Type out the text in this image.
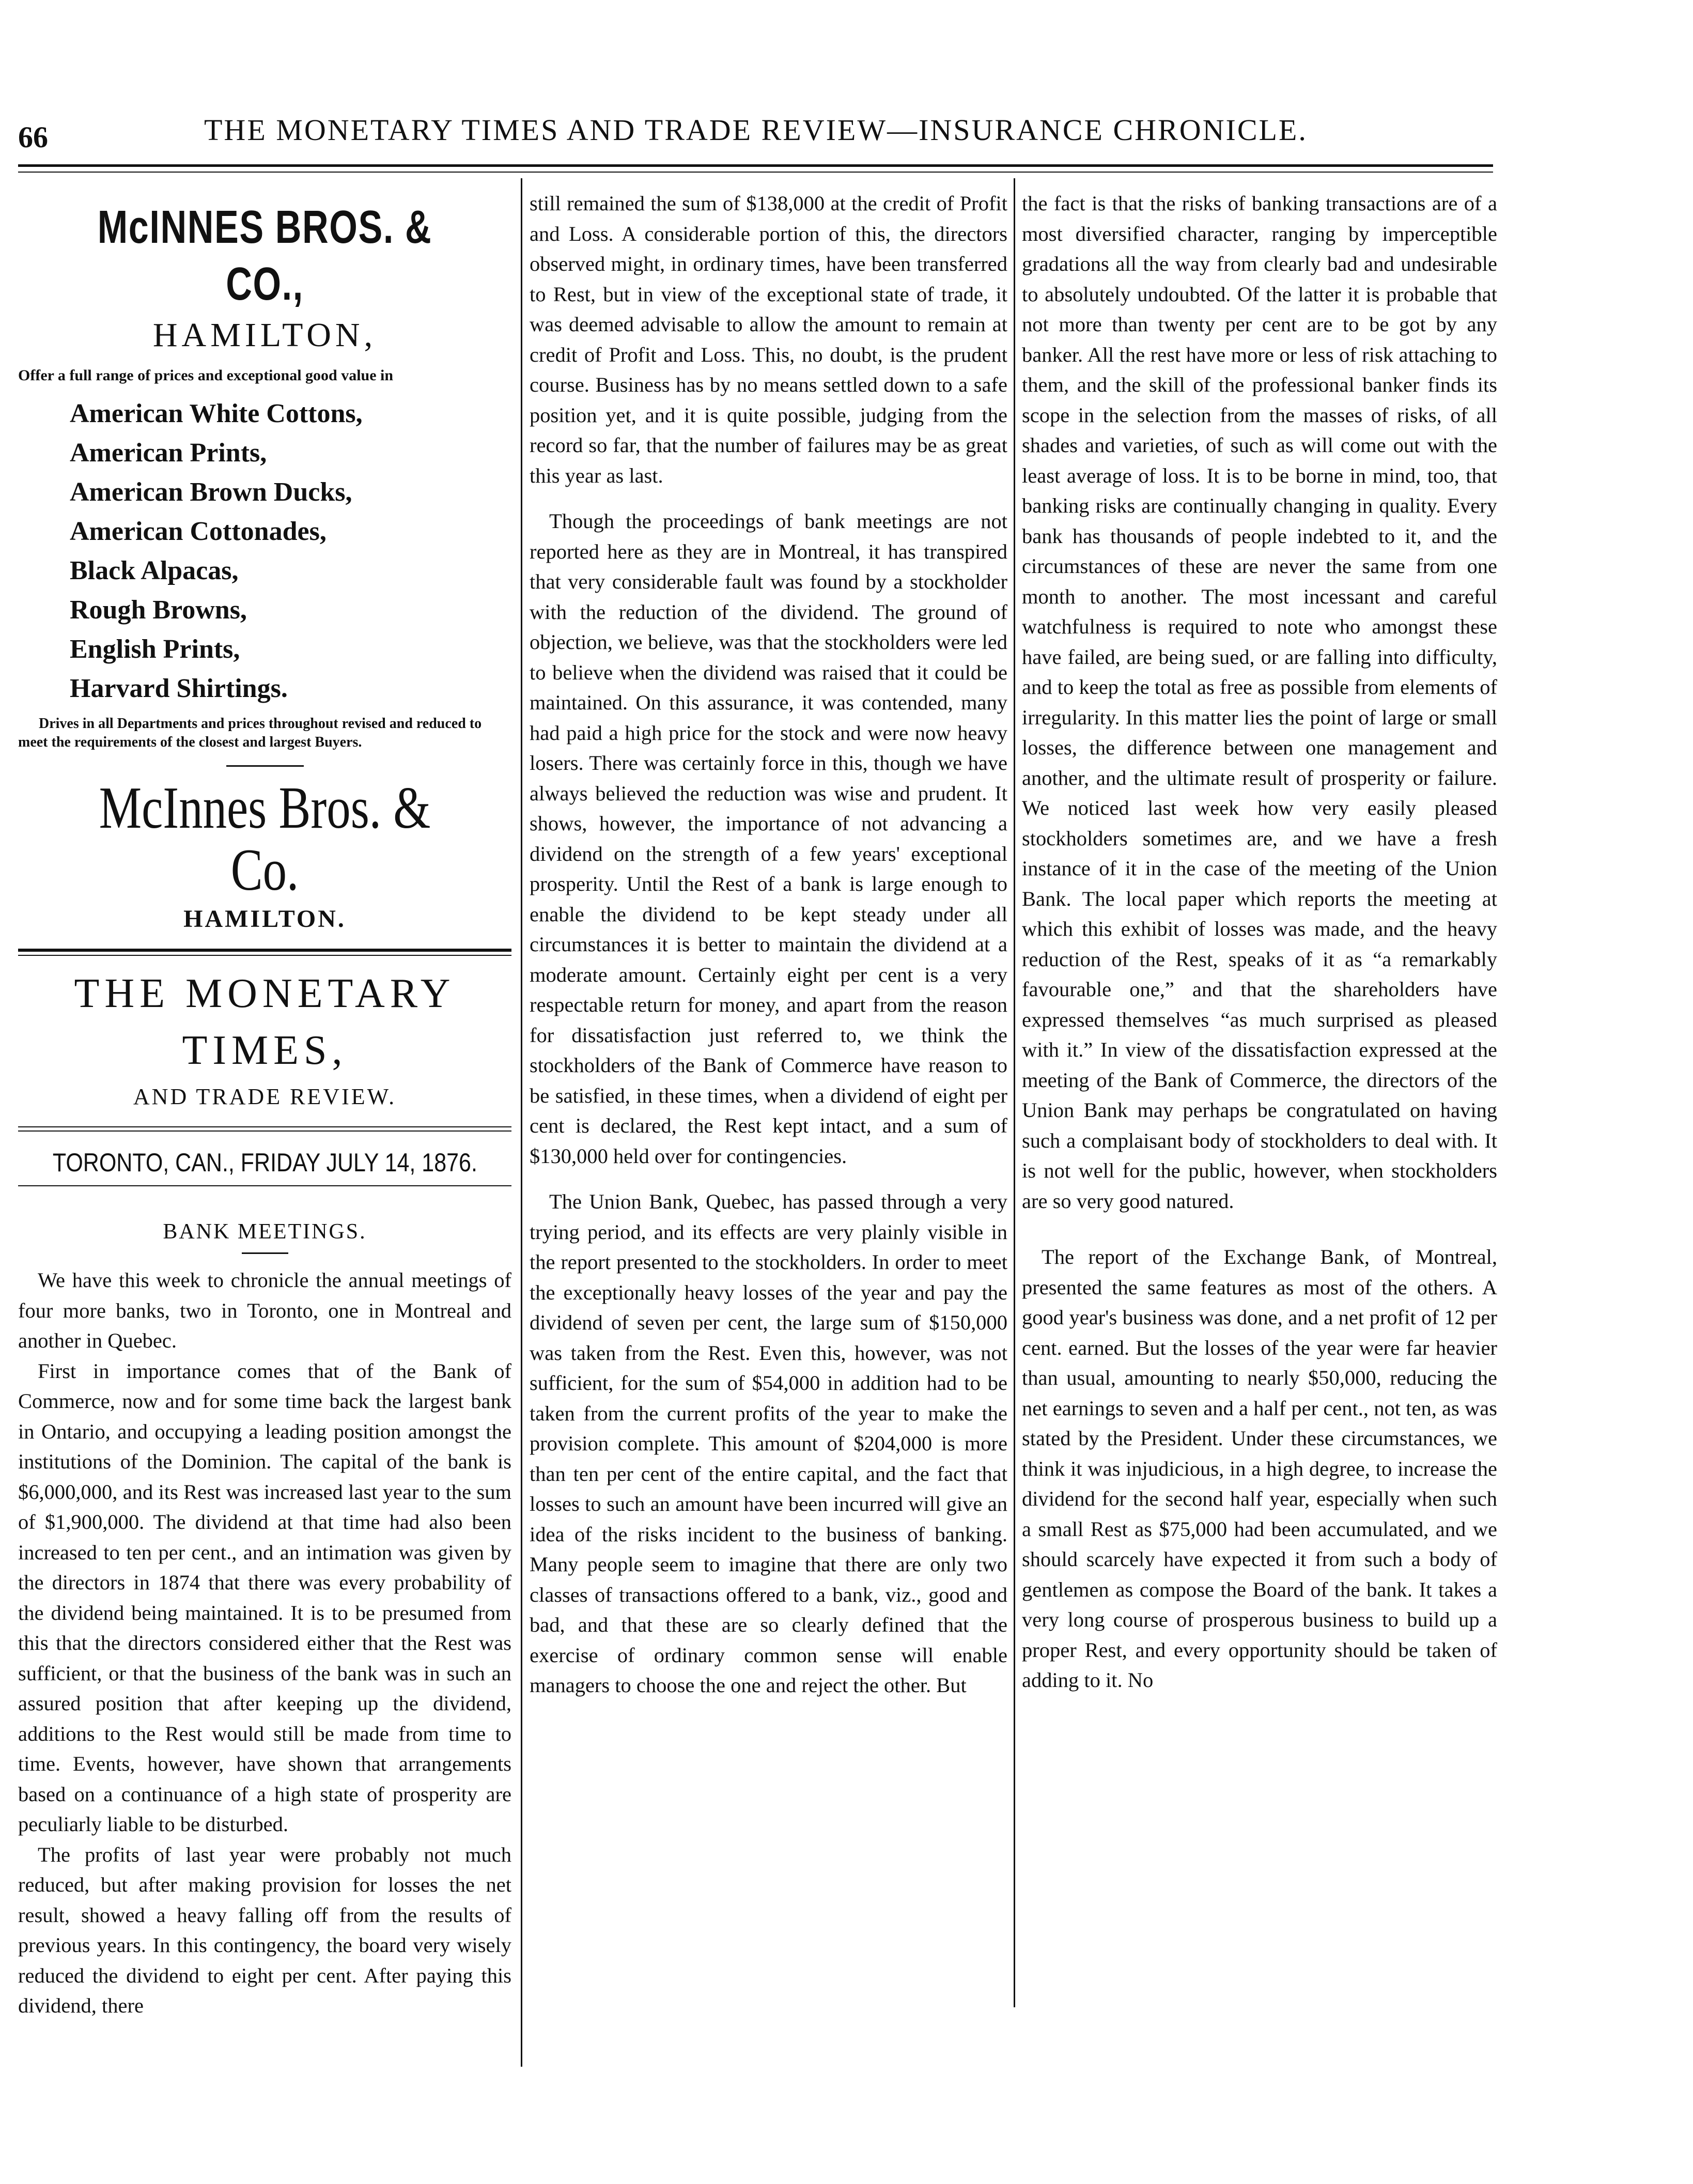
66	THE MONETARY TIMES AND TRADE REVIEW—INSURANCE CHRONICLE.
McINNES BROS. & CO.,
HAMILTON,
Offer a full range of prices and exceptional good value in
American White Cottons,
American Prints,
American Brown Ducks,
American Cottonades,
Black Alpacas,
Rough Browns,
English Prints,
Harvard Shirtings.
Drives in all Departments and prices throughout revised and reduced to meet the requirements of the closest and largest Buyers.
McInnes Bros. & Co.
HAMILTON.
THE MONETARY TIMES,
AND TRADE REVIEW.
TORONTO, CAN., FRIDAY JULY 14, 1876.
BANK MEETINGS.

We have this week to chronicle the annual meetings of four more banks, two in Toronto, one in Montreal and another in Quebec.

First in importance comes that of the Bank of Commerce, now and for some time back the largest bank in Ontario, and occupying a leading position amongst the institutions of the Dominion. The capital of the bank is $6,000,000, and its Rest was increased last year to the sum of $1,900,000. The dividend at that time had also been increased to ten per cent., and an intimation was given by the directors in 1874 that there was every probability of the dividend being maintained. It is to be presumed from this that the directors considered either that the Rest was sufficient, or that the business of the bank was in such an assured position that after keeping up the dividend, additions to the Rest would still be made from time to time. Events, however, have shown that arrangements based on a continuance of a high state of prosperity are peculiarly liable to be disturbed.

The profits of last year were probably not much reduced, but after making provision for losses the net result, showed a heavy falling off from the results of previous years. In this contingency, the board very wisely reduced the dividend to eight per cent. After paying this dividend, there

still remained the sum of $138,000 at the credit of Profit and Loss. A considerable portion of this, the directors observed might, in ordinary times, have been transferred to Rest, but in view of the exceptional state of trade, it was deemed advisable to allow the amount to remain at credit of Profit and Loss. This, no doubt, is the prudent course. Business has by no means settled down to a safe position yet, and it is quite possible, judging from the record so far, that the number of failures may be as great this year as last.

Though the proceedings of bank meetings are not reported here as they are in Montreal, it has transpired that very considerable fault was found by a stockholder with the reduction of the dividend. The ground of objection, we believe, was that the stockholders were led to believe when the dividend was raised that it could be maintained. On this assurance, it was contended, many had paid a high price for the stock and were now heavy losers. There was certainly force in this, though we have always believed the reduction was wise and prudent. It shows, however, the importance of not advancing a dividend on the strength of a few years' exceptional prosperity. Until the Rest of a bank is large enough to enable the dividend to be kept steady under all circumstances it is better to maintain the dividend at a moderate amount. Certainly eight per cent is a very respectable return for money, and apart from the reason for dissatisfaction just referred to, we think the stockholders of the Bank of Commerce have reason to be satisfied, in these times, when a dividend of eight per cent is declared, the Rest kept intact, and a sum of $130,000 held over for contingencies.

The Union Bank, Quebec, has passed through a very trying period, and its effects are very plainly visible in the report presented to the stockholders. In order to meet the exceptionally heavy losses of the year and pay the dividend of seven per cent, the large sum of $150,000 was taken from the Rest. Even this, however, was not sufficient, for the sum of $54,000 in addition had to be taken from the current profits of the year to make the provision complete. This amount of $204,000 is more than ten per cent of the entire capital, and the fact that losses to such an amount have been incurred will give an idea of the risks incident to the business of banking. Many people seem to imagine that there are only two classes of transactions offered to a bank, viz., good and bad, and that these are so clearly defined that the exercise of ordinary common sense will enable managers to choose the one and reject the other. But

the fact is that the risks of banking transactions are of a most diversified character, ranging by imperceptible gradations all the way from clearly bad and undesirable to absolutely undoubted. Of the latter it is probable that not more than twenty per cent are to be got by any banker. All the rest have more or less of risk attaching to them, and the skill of the professional banker finds its scope in the selection from the masses of risks, of all shades and varieties, of such as will come out with the least average of loss. It is to be borne in mind, too, that banking risks are continually changing in quality. Every bank has thousands of people indebted to it, and the circumstances of these are never the same from one month to another. The most incessant and careful watchfulness is required to note who amongst these have failed, are being sued, or are falling into difficulty, and to keep the total as free as possible from elements of irregularity. In this matter lies the point of large or small losses, the difference between one management and another, and the ultimate result of prosperity or failure. We noticed last week how very easily pleased stockholders sometimes are, and we have a fresh instance of it in the case of the meeting of the Union Bank. The local paper which reports the meeting at which this exhibit of losses was made, and the heavy reduction of the Rest, speaks of it as “a remarkably favourable one,” and that the shareholders have expressed themselves “as much surprised as pleased with it.” In view of the dissatisfaction expressed at the meeting of the Bank of Commerce, the directors of the Union Bank may perhaps be congratulated on having such a complaisant body of stockholders to deal with. It is not well for the public, however, when stockholders are so very good natured.

The report of the Exchange Bank, of Montreal, presented the same features as most of the others. A good year's business was done, and a net profit of 12 per cent. earned. But the losses of the year were far heavier than usual, amounting to nearly $50,000, reducing the net earnings to seven and a half per cent., not ten, as was stated by the President. Under these circumstances, we think it was injudicious, in a high degree, to increase the dividend for the second half year, especially when such a small Rest as $75,000 had been accumulated, and we should scarcely have expected it from such a body of gentlemen as compose the Board of the bank. It takes a very long course of prosperous business to build up a proper Rest, and every opportunity should be taken of adding to it. No
